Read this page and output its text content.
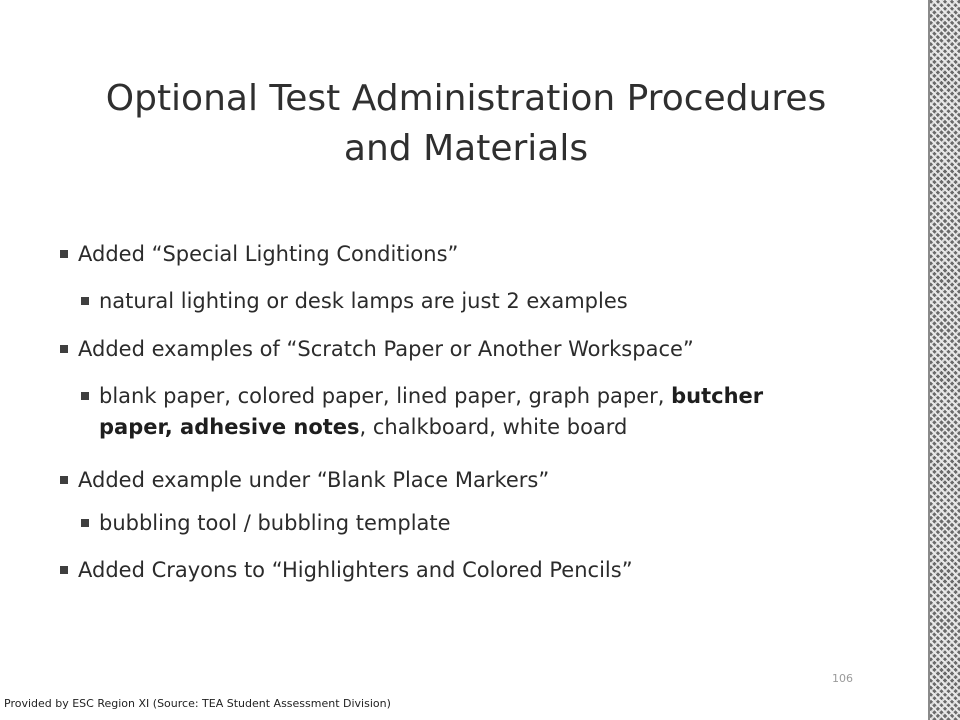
Optional Test Administration Procedures
and Materials
Added “Special Lighting Conditions”
natural lighting or desk lamps are just 2 examples
Added examples of “Scratch Paper or Another Workspace”
blank paper, colored paper, lined paper, graph paper, butcher
paper, adhesive notes, chalkboard, white board
Added example under “Blank Place Markers”
bubbling tool / bubbling template
Added Crayons to “Highlighters and Colored Pencils”
106
Provided by ESC Region XI (Source: TEA Student Assessment Division)
